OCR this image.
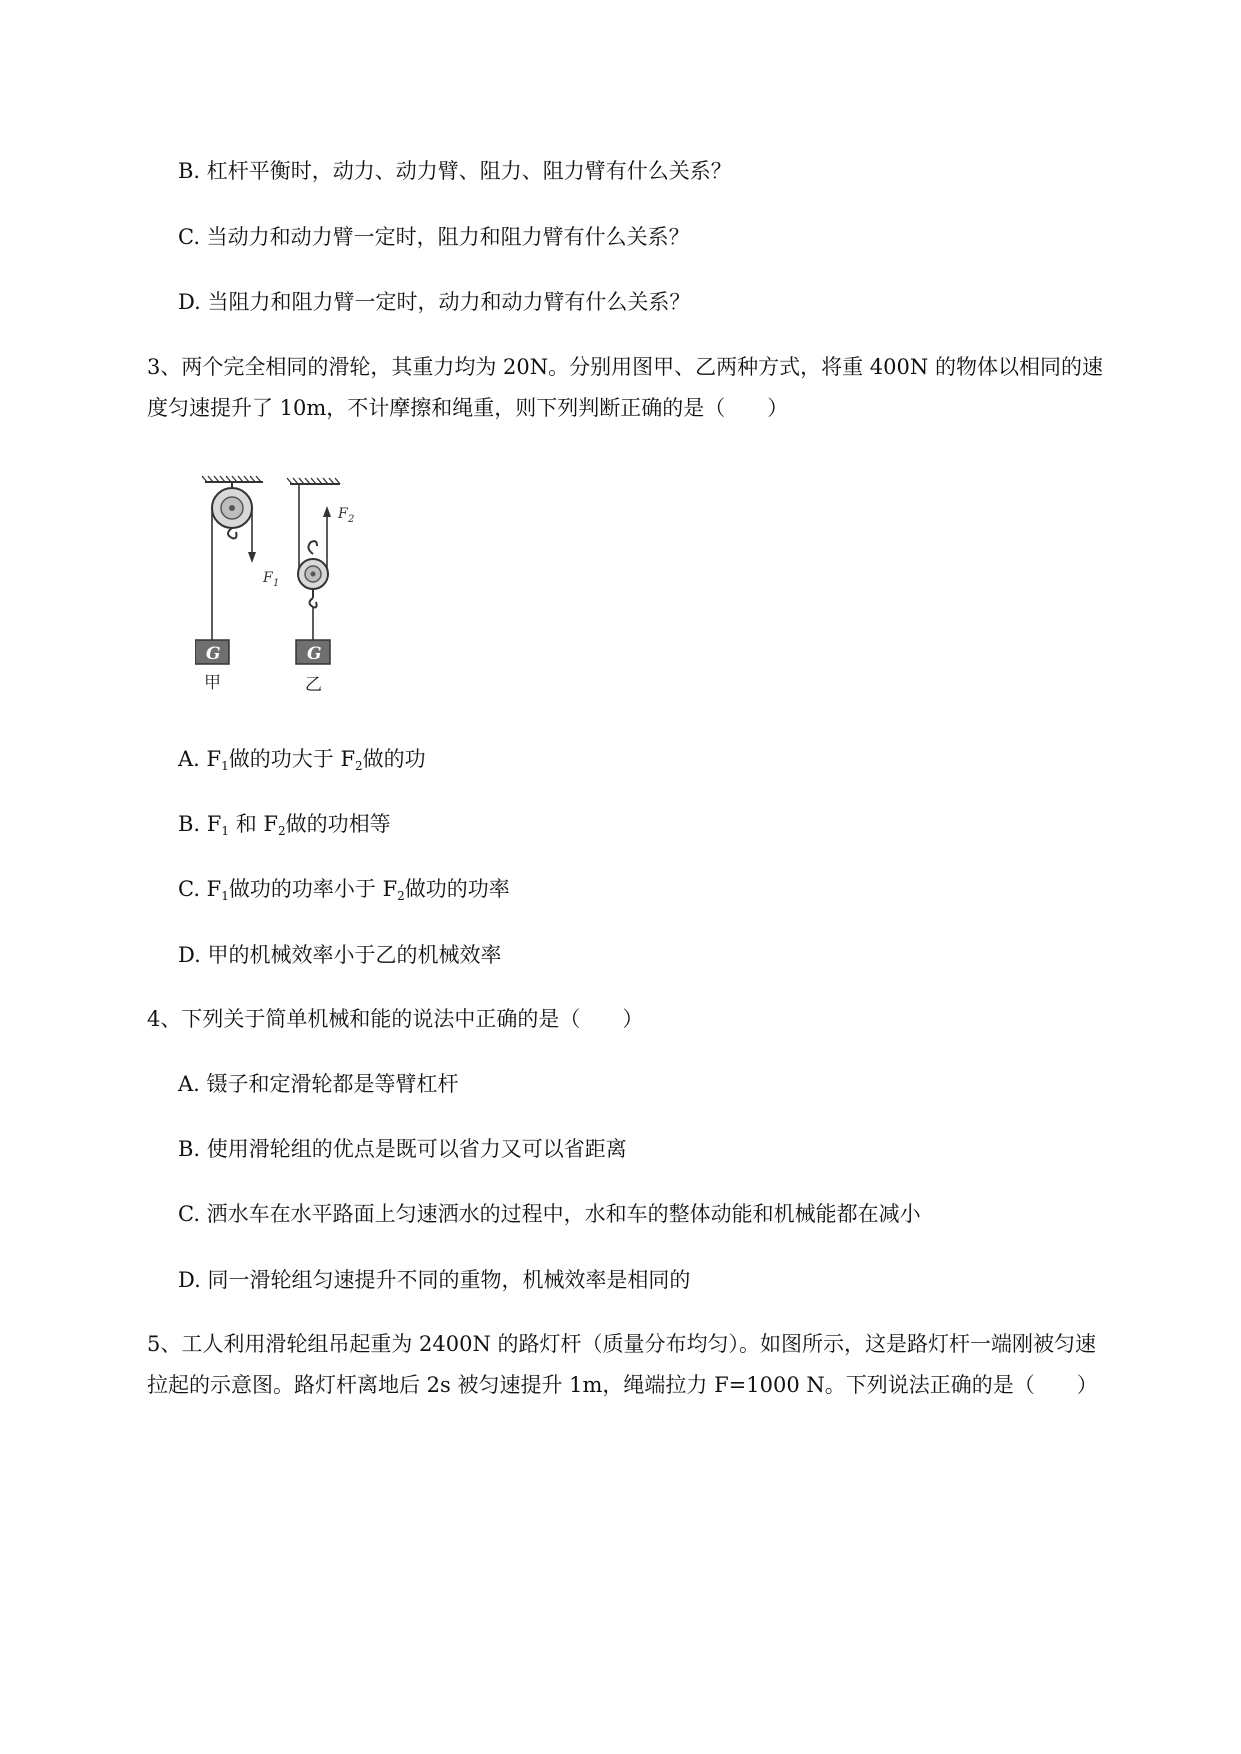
B. 杠杆平衡时，动力、动力臂、阻力、阻力臂有什么关系？
C. 当动力和动力臂一定时，阻力和阻力臂有什么关系？
D. 当阻力和阻力臂一定时，动力和动力臂有什么关系？
3、两个完全相同的滑轮，其重力均为 20N。分别用图甲、乙两种方式，将重 400N 的物体以相同的速
度匀速提升了 10m，不计摩擦和绳重，则下列判断正确的是（　　）
F 1
G
甲
F 2
G
乙
A. $F_1$做的功大于 $F_2$做的功
B. $F_1$ 和 $F_2$做的功相等
C. $F_1$做功的功率小于 $F_2$做功的功率
D. 甲的机械效率小于乙的机械效率
4、下列关于简单机械和能的说法中正确的是（　　）
A. 镊子和定滑轮都是等臂杠杆
B. 使用滑轮组的优点是既可以省力又可以省距离
C. 洒水车在水平路面上匀速洒水的过程中，水和车的整体动能和机械能都在减小
D. 同一滑轮组匀速提升不同的重物，机械效率是相同的
5、工人利用滑轮组吊起重为 2400N 的路灯杆（质量分布均匀）。如图所示，这是路灯杆一端刚被匀速
拉起的示意图。路灯杆离地后 2s 被匀速提升 1m，绳端拉力 F=1000 N。下列说法正确的是（　　）
